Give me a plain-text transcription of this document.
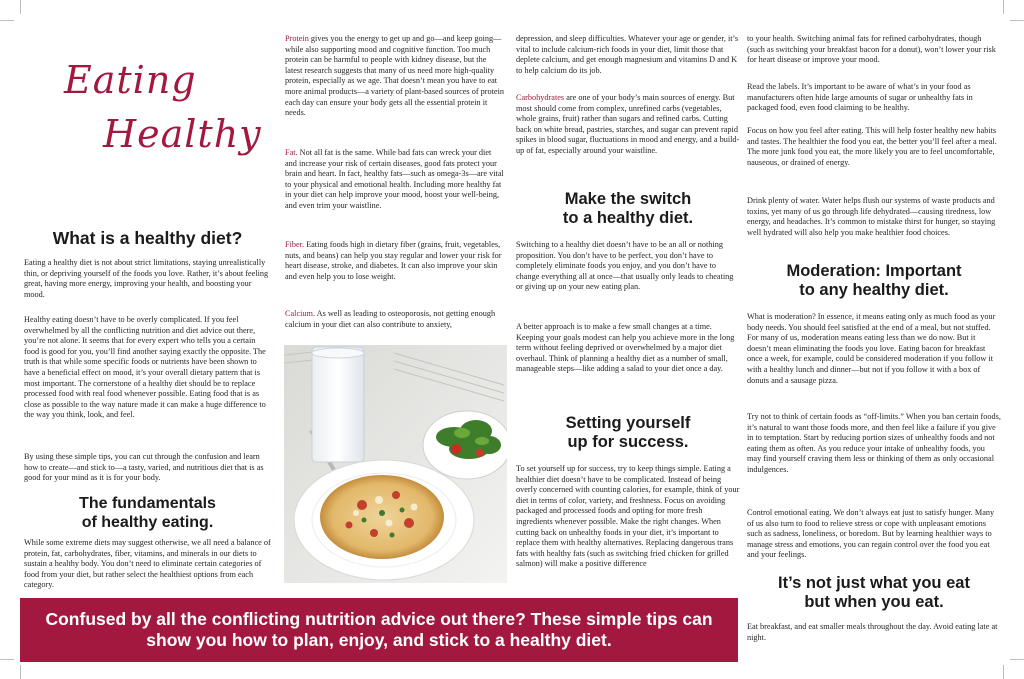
Eating
Healthy
What is a healthy diet?

Eating a healthy diet is not about strict limitations, staying unrealistically thin, or depriving yourself of the foods you love. Rather, it’s about feeling great, having more energy, improving your health, and boosting your mood.

Healthy eating doesn’t have to be overly complicated. If you feel overwhelmed by all the conflicting nutrition and diet advice out there, you’re not alone. It seems that for every expert who tells you a certain food is good for you, you’ll find another saying exactly the opposite. The truth is that while some specific foods or nutrients have been shown to have a beneficial effect on mood, it’s your overall dietary pattern that is most important. The cornerstone of a healthy diet should be to replace processed food with real food whenever possible. Eating food that is as close as possible to the way nature made it can make a huge difference to the way you think, look, and feel.

By using these simple tips, you can cut through the confusion and learn how to create—and stick to—a tasty, varied, and nutritious diet that is as good for your mind as it is for your body.

The fundamentals
of healthy eating.

While some extreme diets may suggest otherwise, we all need a balance of protein, fat, carbohydrates, fiber, vitamins, and minerals in our diets to sustain a healthy body. You don’t need to eliminate certain categories of food from your diet, but rather select the healthiest options from each category.

Protein gives you the energy to get up and go—and keep going—while also supporting mood and cognitive function. Too much protein can be harmful to people with kidney disease, but the latest research suggests that many of us need more high-quality protein, especially as we age. That doesn’t mean you have to eat more animal products—a variety of plant-based sources of protein each day can ensure your body gets all the essential protein it needs.

Fat. Not all fat is the same. While bad fats can wreck your diet and increase your risk of certain diseases, good fats protect your brain and heart. In fact, healthy fats—such as omega-3s—are vital to your physical and emotional health. Including more healthy fat in your diet can help improve your mood, boost your well-being, and even trim your waistline.

Fiber. Eating foods high in dietary fiber (grains, fruit, vegetables, nuts, and beans) can help you stay regular and lower your risk for heart disease, stroke, and diabetes. It can also improve your skin and even help you to lose weight.

Calcium. As well as leading to osteoporosis, not getting enough calcium in your diet can also contribute to anxiety,

depression, and sleep difficulties. Whatever your age or gender, it’s vital to include calcium-rich foods in your diet, limit those that deplete calcium, and get enough magnesium and vitamins D and K to help calcium do its job.

Carbohydrates are one of your body’s main sources of energy. But most should come from complex, unrefined carbs (vegetables, whole grains, fruit) rather than sugars and refined carbs. Cutting back on white bread, pastries, starches, and sugar can prevent rapid spikes in blood sugar, fluctuations in mood and energy, and a build-up of fat, especially around your waistline.

Make the switch
to a healthy diet.

Switching to a healthy diet doesn’t have to be an all or nothing proposition. You don’t have to be perfect, you don’t have to completely eliminate foods you enjoy, and you don’t have to change everything all at once—that usually only leads to cheating or giving up on your new eating plan.

A better approach is to make a few small changes at a time. Keeping your goals modest can help you achieve more in the long term without feeling deprived or overwhelmed by a major diet overhaul. Think of planning a healthy diet as a number of small, manageable steps—like adding a salad to your diet once a day.

Setting yourself
up for success.

To set yourself up for success, try to keep things simple. Eating a healthier diet doesn’t have to be complicated. Instead of being overly concerned with counting calories, for example, think of your diet in terms of color, variety, and freshness. Focus on avoiding packaged and processed foods and opting for more fresh ingredients whenever possible. Make the right changes. When cutting back on unhealthy foods in your diet, it’s important to replace them with healthy alternatives. Replacing dangerous trans fats with healthy fats (such as switching fried chicken for grilled salmon) will make a positive difference

to your health. Switching animal fats for refined carbohydrates, though (such as switching your breakfast bacon for a donut), won’t lower your risk for heart disease or improve your mood.

Read the labels. It’s important to be aware of what’s in your food as manufacturers often hide large amounts of sugar or unhealthy fats in packaged food, even food claiming to be healthy.

Focus on how you feel after eating. This will help foster healthy new habits and tastes. The healthier the food you eat, the better you’ll feel after a meal. The more junk food you eat, the more likely you are to feel uncomfortable, nauseous, or drained of energy.

Drink plenty of water. Water helps flush our systems of waste products and toxins, yet many of us go through life dehydrated—causing tiredness, low energy, and headaches. It’s common to mistake thirst for hunger, so staying well hydrated will also help you make healthier food choices.

Moderation: Important
to any healthy diet.

What is moderation? In essence, it means eating only as much food as your body needs. You should feel satisfied at the end of a meal, but not stuffed. For many of us, moderation means eating less than we do now. But it doesn’t mean eliminating the foods you love. Eating bacon for breakfast once a week, for example, could be considered moderation if you follow it with a healthy lunch and dinner—but not if you follow it with a box of donuts and a sausage pizza.

Try not to think of certain foods as “off-limits.” When you ban certain foods, it’s natural to want those foods more, and then feel like a failure if you give in to temptation. Start by reducing portion sizes of unhealthy foods and not eating them as often. As you reduce your intake of unhealthy foods, you may find yourself craving them less or thinking of them as only occasional indulgences.

Control emotional eating. We don’t always eat just to satisfy hunger. Many of us also turn to food to relieve stress or cope with unpleasant emotions such as sadness, loneliness, or boredom. But by learning healthier ways to manage stress and emotions, you can regain control over the food you eat and your feelings.

It’s not just what you eat
but when you eat.

Eat breakfast, and eat smaller meals throughout the day. Avoid eating late at night.

Confused by all the conflicting nutrition advice out there? These simple tips can show you how to plan, enjoy, and stick to a healthy diet.
